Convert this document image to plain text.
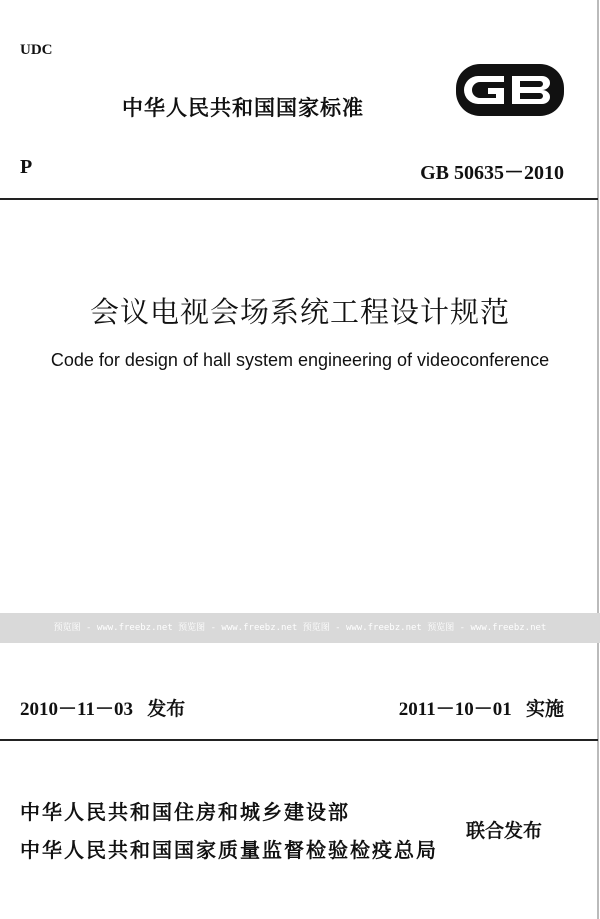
UDC
中华人民共和国国家标准
P	GB 50635－2010
会议电视会场系统工程设计规范
Code for design of hall system engineering of videoconference
预览图 - www.freebz.net 预览图 - www.freebz.net 预览图 - www.freebz.net 预览图 - www.freebz.net
2010－11－03 发布	2011－10－01 实施
中华人民共和国住房和城乡建设部
中华人民共和国国家质量监督检验检疫总局
联合发布
